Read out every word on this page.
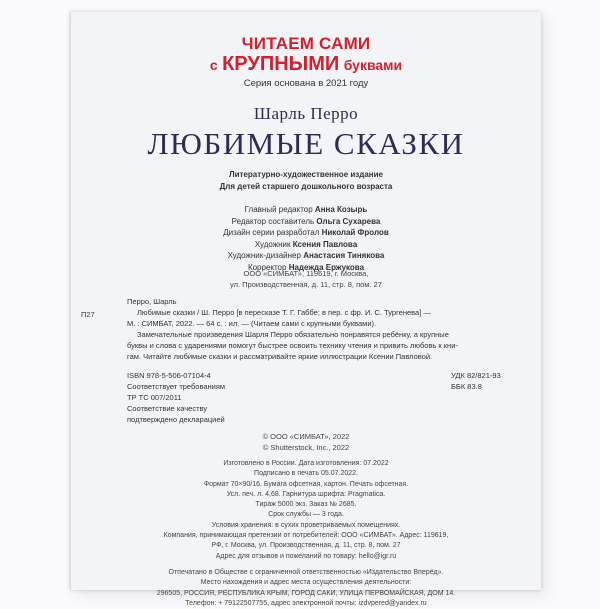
ЧИТАЕМ САМИ
с КРУПНЫМИ буквами
Серия основана в 2021 году
Шарль Перро
ЛЮБИМЫЕ СКАЗКИ
Литературно-художественное издание
Для детей старшего дошкольного возраста
Главный редактор Анна Козырь
Редактор составитель Ольга Сухарева
Дизайн серии разработал Николай Фролов
Художник Ксения Павлова
Художник-дизайнер Анастасия Тинякова
Корректор Надежда Ержукова
ООО «СИМБАТ», 119619, г. Москва,
ул. Производственная, д. 11, стр. 8, пом. 27
П27

Перро, Шарль

Любимые сказки / Ш. Перро [в пересказе Т. Г. Габбе; в пер. с фр. И. С. Тургенева] —

М. : СИМБАТ, 2022. — 64 с. : ил. — (Читаем сами с крупными буквами).

Замечательные произведения Шарля Перро обязательно понравятся ребёнку, а крупные

буквы и слова с ударениями помогут быстрее освоить технику чтения и привить любовь к кни-

гам. Читайте любимые сказки и рассматривайте яркие иллюстрации Ксении Павловой.

ISBN 978-5-506-07104-4
Соответствует требованиям
ТР ТС 007/2011
Соответствие качеству
подтверждено декларацией
УДК 82/821-93
ББК 83.8
© ООО «СИМБАТ», 2022
© Shutterstock, Inc., 2022
Изготовлено в России. Дата изготовления: 07.2022
Подписано в печать 05.07.2022.
Формат 70×90/16. Бумага офсетная, картон. Печать офсетная.
Усл. печ. л. 4,68. Гарнитура шрифта: Pragmatica.
Тираж 5000 экз. Заказ № 2685.
Срок службы — 3 года.
Условия хранения: в сухих проветриваемых помещениях.
Компания, принимающая претензии от потребителей: ООО «СИМБАТ». Адрес: 119619,
РФ, г. Москва, ул. Производственная, д. 11, стр. 8, пом. 27
Адрес для отзывов и пожеланий по товару: hello@igr.ru
Отпечатано в Обществе с ограниченной ответственностью «Издательство Вперёд».
Место нахождения и адрес места осуществления деятельности:
296505, РОССИЯ, РЕСПУБЛИКА КРЫМ, ГОРОД САКИ, УЛИЦА ПЕРВОМАЙСКАЯ, ДОМ 14.
Телефон: + 79122507755, адрес электронной почты: izdvpered@yandex.ru
